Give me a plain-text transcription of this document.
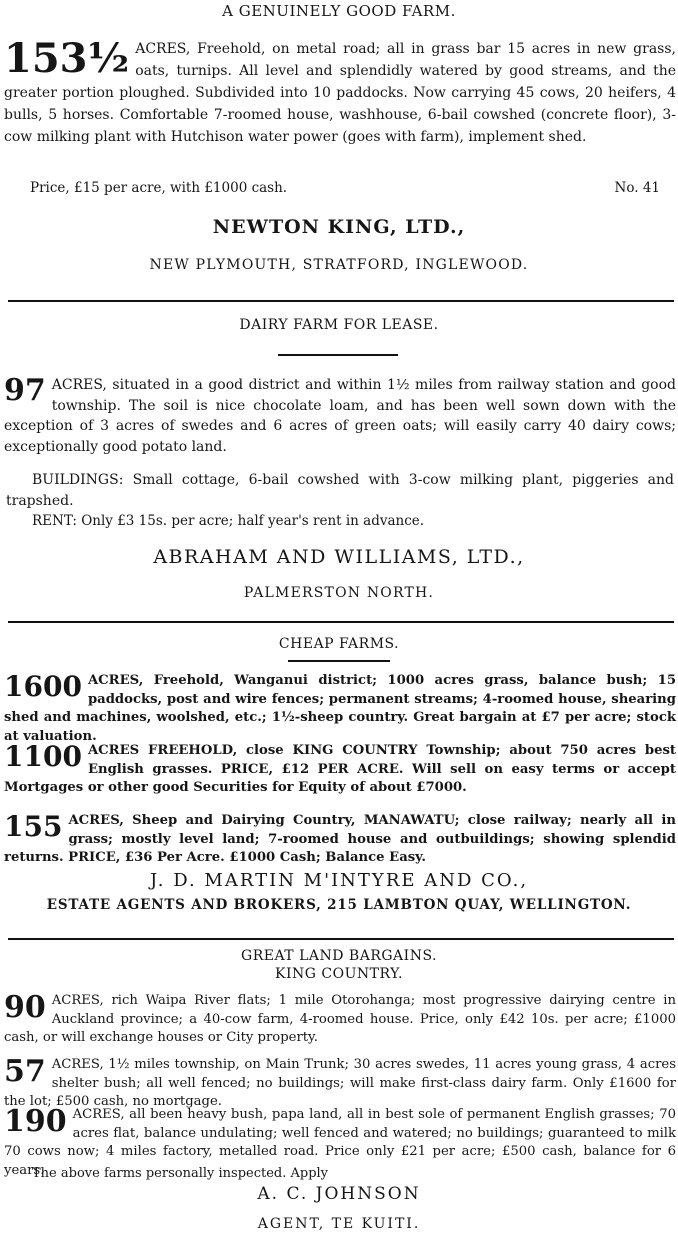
A GENUINELY GOOD FARM.
153½ ACRES, Freehold, on metal road; all in grass bar 15 acres in new grass, oats, turnips. All level and splendidly watered by good streams, and the greater portion ploughed. Subdivided into 10 paddocks. Now carrying 45 cows, 20 heifers, 4 bulls, 5 horses. Comfortable 7-roomed house, washhouse, 6-bail cowshed (concrete floor), 3-cow milking plant with Hutchison water power (goes with farm), implement shed.
Price, £15 per acre, with £1000 cash.	No. 41
NEWTON KING, LTD.,
NEW PLYMOUTH, STRATFORD, INGLEWOOD.
DAIRY FARM FOR LEASE.
97 ACRES, situated in a good district and within 1½ miles from railway station and good township. The soil is nice chocolate loam, and has been well sown down with the exception of 3 acres of swedes and 6 acres of green oats; will easily carry 40 dairy cows; exceptionally good potato land.
BUILDINGS: Small cottage, 6-bail cowshed with 3-cow milking plant, piggeries and trapshed.
RENT: Only £3 15s. per acre; half year's rent in advance.
ABRAHAM AND WILLIAMS, LTD.,
PALMERSTON NORTH.
CHEAP FARMS.
1600 ACRES, Freehold, Wanganui district; 1000 acres grass, balance bush; 15 paddocks, post and wire fences; permanent streams; 4-roomed house, shearing shed and machines, woolshed, etc.; 1½-sheep country. Great bargain at £7 per acre; stock at valuation.
1100 ACRES FREEHOLD, close KING COUNTRY Township; about 750 acres best English grasses. PRICE, £12 PER ACRE. Will sell on easy terms or accept Mortgages or other good Securities for Equity of about £7000.
155 ACRES, Sheep and Dairying Country, MANAWATU; close railway; nearly all in grass; mostly level land; 7-roomed house and outbuildings; showing splendid returns. PRICE, £36 Per Acre. £1000 Cash; Balance Easy.
J. D. MARTIN M'INTYRE AND CO.,
ESTATE AGENTS AND BROKERS, 215 LAMBTON QUAY, WELLINGTON.
GREAT LAND BARGAINS.
KING COUNTRY.
90 ACRES, rich Waipa River flats; 1 mile Otorohanga; most progressive dairying centre in Auckland province; a 40-cow farm, 4-roomed house. Price, only £42 10s. per acre; £1000 cash, or will exchange houses or City property.
57 ACRES, 1½ miles township, on Main Trunk; 30 acres swedes, 11 acres young grass, 4 acres shelter bush; all well fenced; no buildings; will make first-class dairy farm. Only £1600 for the lot; £500 cash, no mortgage.
190 ACRES, all been heavy bush, papa land, all in best sole of permanent English grasses; 70 acres flat, balance undulating; well fenced and watered; no buildings; guaranteed to milk 70 cows now; 4 miles factory, metalled road. Price only £21 per acre; £500 cash, balance for 6 years.
The above farms personally inspected. Apply
A. C. JOHNSON
AGENT, TE KUITI.
